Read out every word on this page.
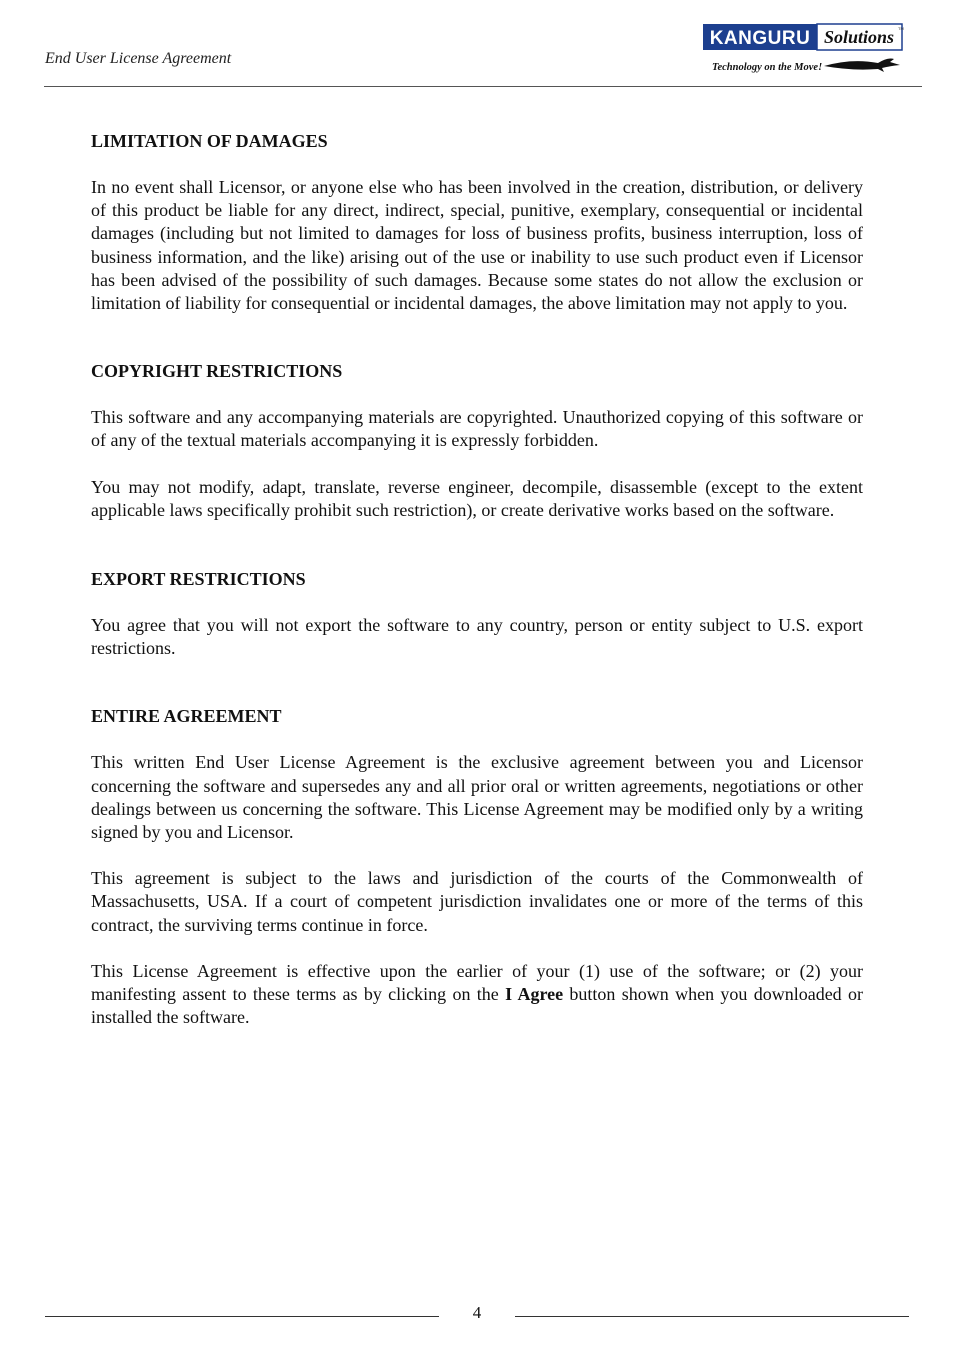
End User License Agreement
KANGURU Solutions TM
Technology on the Move!

LIMITATION OF DAMAGES

In no event shall Licensor, or anyone else who has been involved in the creation, distribution, or delivery of this product be liable for any direct, indirect, special, punitive, exemplary, consequential or incidental damages (including but not limited to damages for loss of business profits, business interruption, loss of business information, and the like) arising out of the use or inability to use such product even if Licensor has been advised of the possibility of such damages. Because some states do not allow the exclusion or limitation of liability for consequential or incidental damages, the above limitation may not apply to you.

COPYRIGHT RESTRICTIONS

This software and any accompanying materials are copyrighted. Unauthorized copying of this software or of any of the textual materials accompanying it is expressly forbidden.

You may not modify, adapt, translate, reverse engineer, decompile, disassemble (except to the extent applicable laws specifically prohibit such restriction), or create derivative works based on the software.

EXPORT RESTRICTIONS

You agree that you will not export the software to any country, person or entity subject to U.S. export restrictions.

ENTIRE AGREEMENT

This written End User License Agreement is the exclusive agreement between you and Licensor concerning the software and supersedes any and all prior oral or written agreements, negotiations or other dealings between us concerning the software. This License Agreement may be modified only by a writing signed by you and Licensor.

This agreement is subject to the laws and jurisdiction of the courts of the Commonwealth of Massachusetts, USA. If a court of competent jurisdiction invalidates one or more of the terms of this contract, the surviving terms continue in force.

This License Agreement is effective upon the earlier of your (1) use of the software; or (2) your manifesting assent to these terms as by clicking on the I Agree button shown when you downloaded or installed the software.

4
